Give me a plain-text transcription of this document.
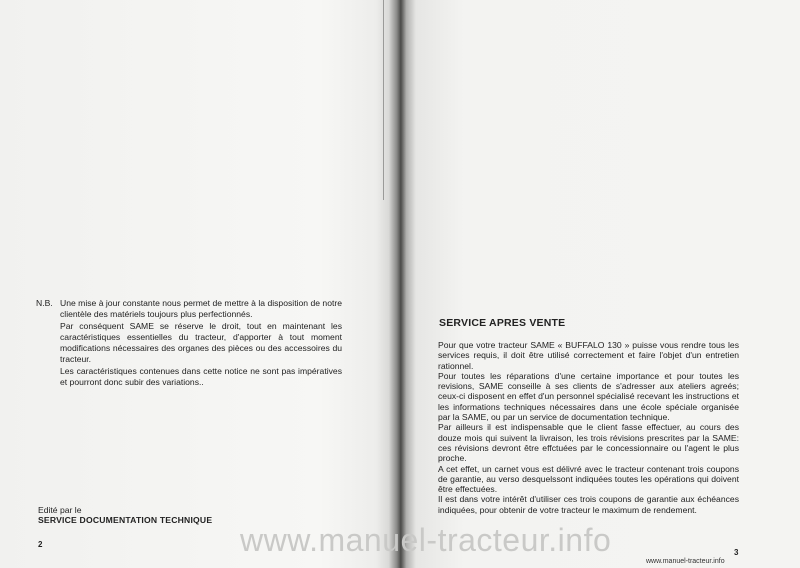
N.B. Une mise à jour constante nous permet de mettre à la disposition de notre clientèle des matériels toujours plus perfectionnés.

Par conséquent SAME se réserve le droit, tout en maintenant les caractéristiques essentielles du tracteur, d'apporter à tout moment modifications nécessaires des organes des pièces ou des accessoires du tracteur.

Les caractéristiques contenues dans cette notice ne sont pas impératives et pourront donc subir des variations..

Edité par le
SERVICE DOCUMENTATION TECHNIQUE
2
SERVICE APRES VENTE

Pour que votre tracteur SAME « BUFFALO 130 » puisse vous rendre tous les services requis, il doit être utilisé correctement et faire l'objet d'un entretien rationnel.

Pour toutes les réparations d'une certaine importance et pour toutes les revisions, SAME conseille à ses clients de s'adresser aux ateliers agreés; ceux-ci disposent en effet d'un personnel spécialisé recevant les instructions et les informations techniques nécessaires dans une école spéciale organisée par la SAME, ou par un service de documentation technique.

Par ailleurs il est indispensable que le client fasse effectuer, au cours des douze mois qui suivent la livraison, les trois révisions prescrites par la SAME: ces révisions devront être effctuées par le concessionnaire ou l'agent le plus proche.

A cet effet, un carnet vous est délivré avec le tracteur contenant trois coupons de garantie, au verso desquelssont indiquées toutes les opérations qui doivent être effectuées.

Il est dans votre intérêt d'utiliser ces trois coupons de garantie aux échéances indiquées, pour obtenir de votre tracteur le maximum de rendement.

www.manuel-tracteur.info	3
www.manuel-tracteur.info
